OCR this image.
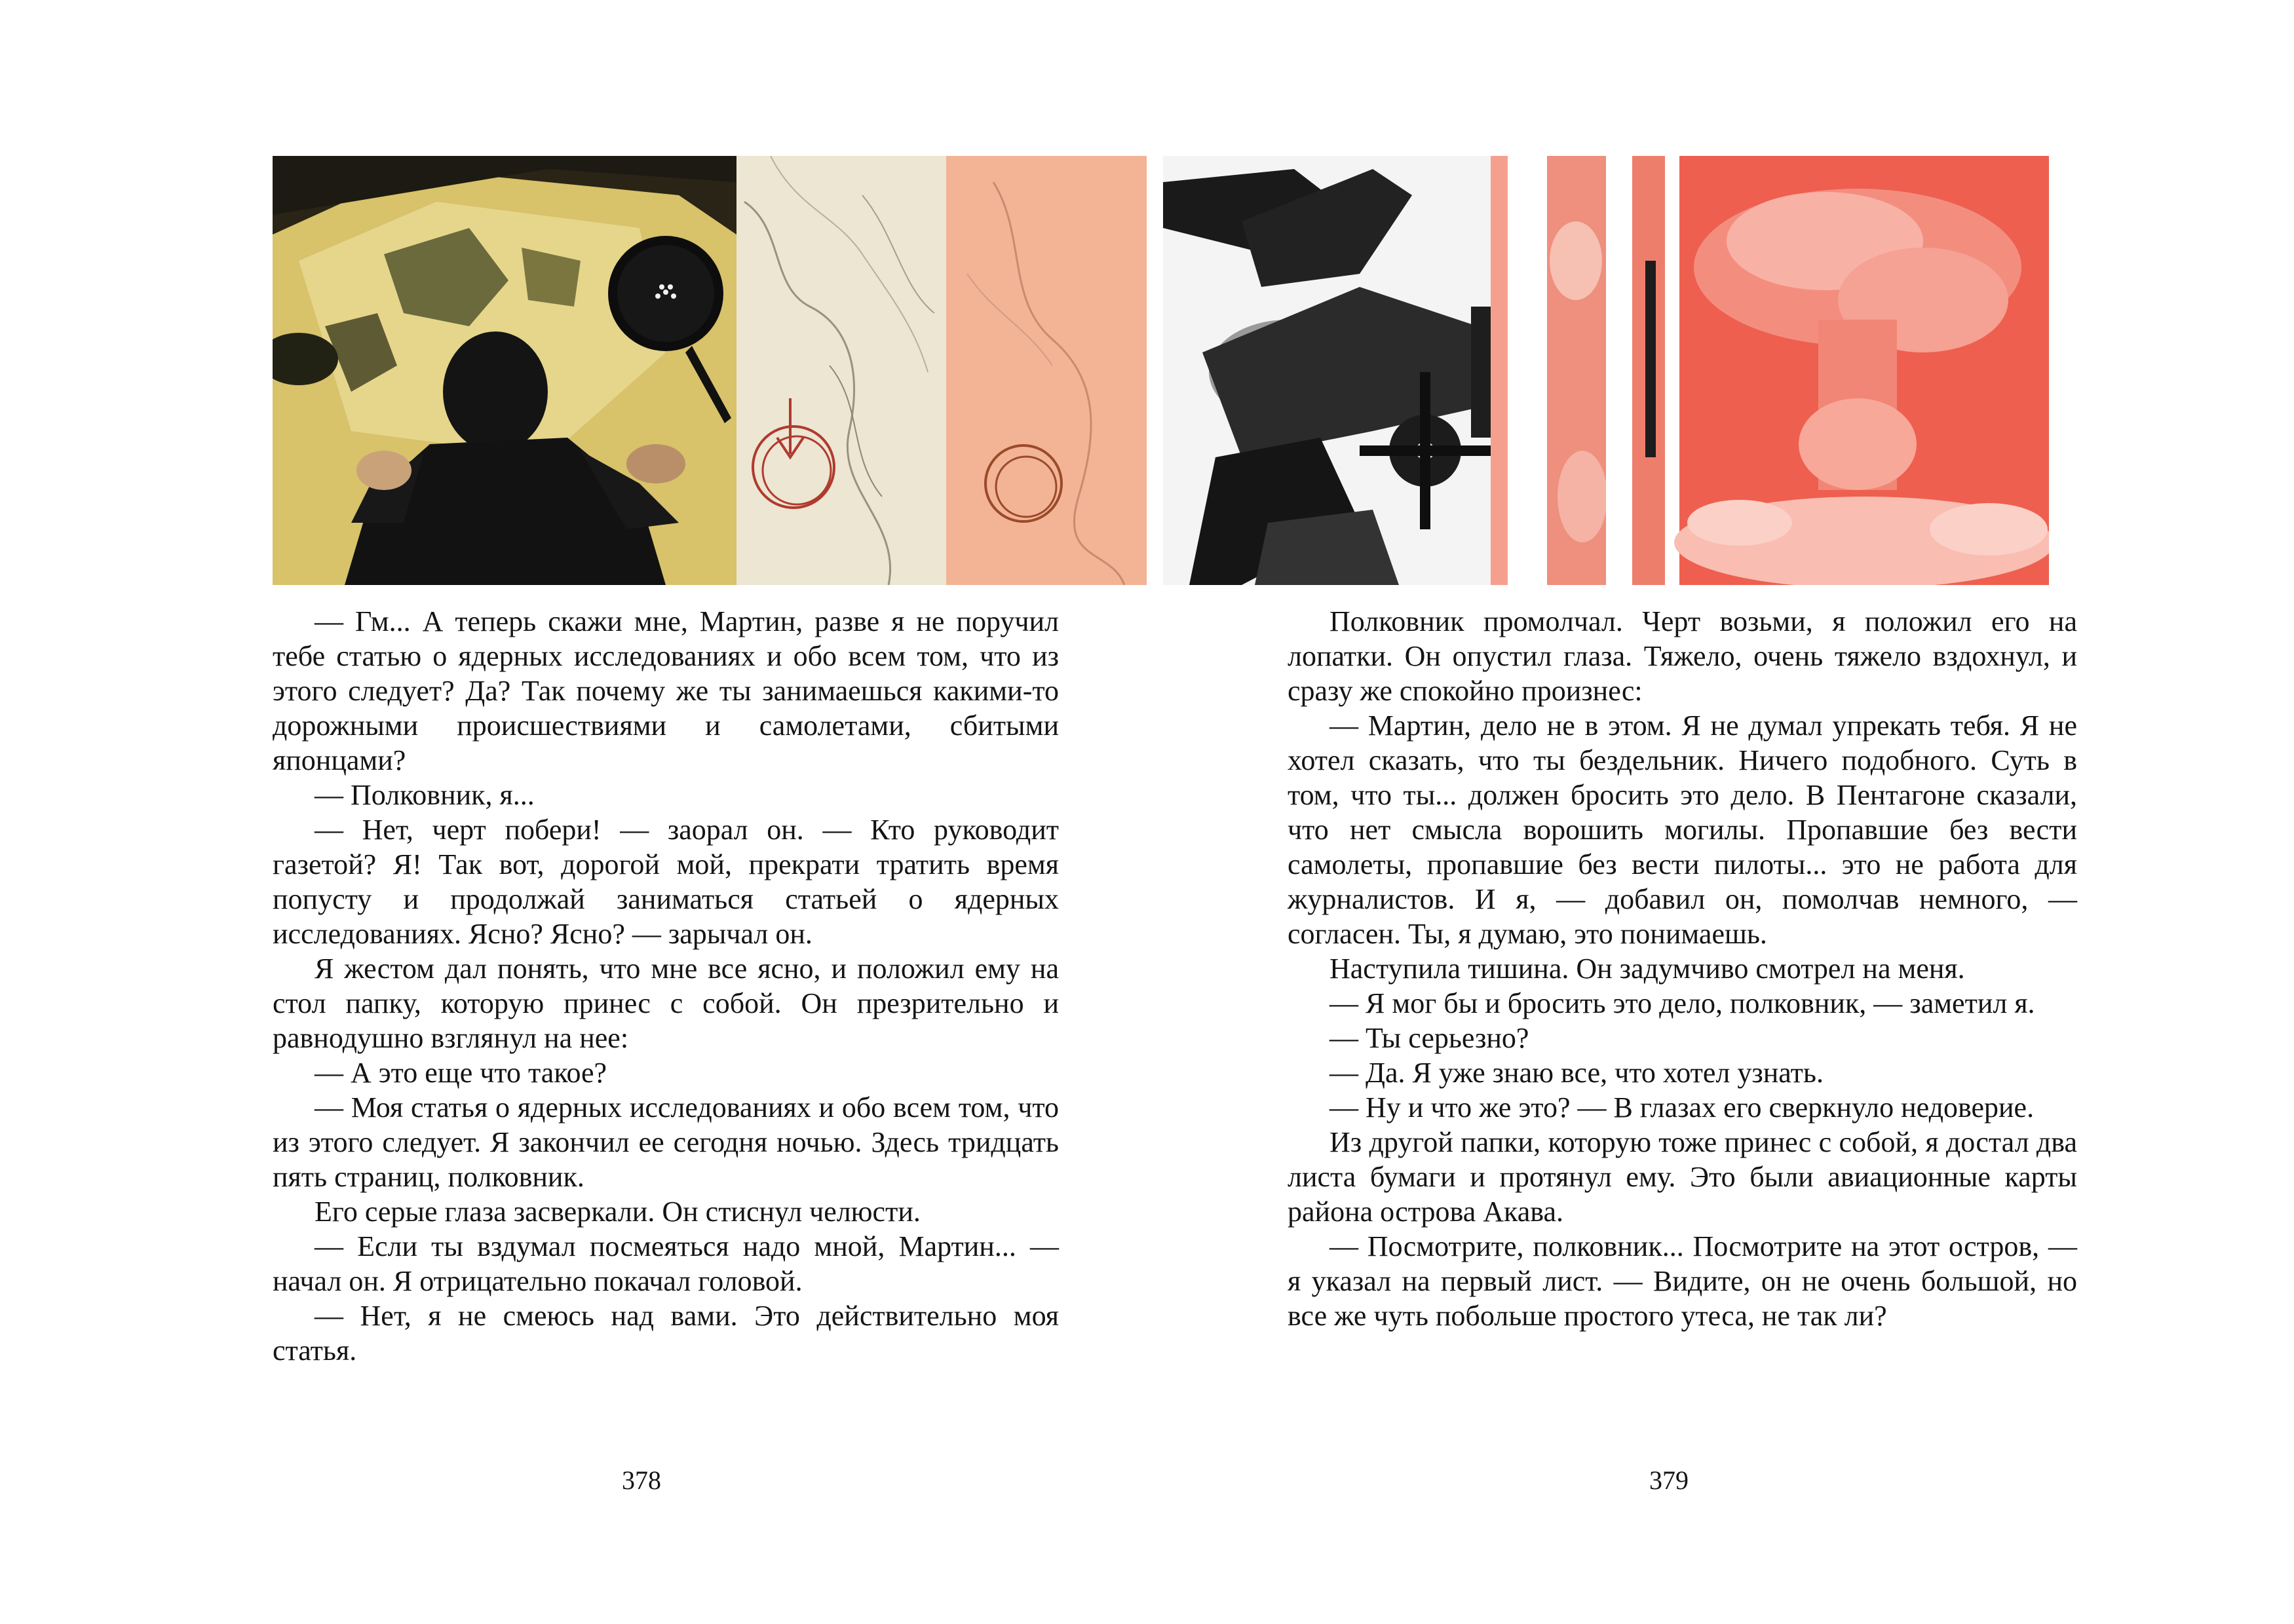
— Гм... А теперь скажи мне, Мартин, разве я не поручил тебе статью о ядерных исследованиях и обо всем том, что из этого следует? Да? Так почему же ты занимаешься какими-то дорожными происшествиями и самолетами, сбитыми японцами?

— Полковник, я...

— Нет, черт побери! — заорал он. — Кто руководит газетой? Я! Так вот, дорогой мой, прекрати тратить время попусту и продолжай заниматься статьей о ядерных исследованиях. Ясно? Ясно? — зарычал он.

Я жестом дал понять, что мне все ясно, и положил ему на стол папку, которую принес с собой. Он презрительно и равнодушно взглянул на нее:

— А это еще что такое?

— Моя статья о ядерных исследованиях и обо всем том, что из этого следует. Я закончил ее сегодня ночью. Здесь тридцать пять страниц, полковник.

Его серые глаза засверкали. Он стиснул челюсти.

— Если ты вздумал посмеяться надо мной, Мартин... — начал он. Я отрицательно покачал головой.

— Нет, я не смеюсь над вами. Это действительно моя статья.

378

Полковник промолчал. Черт возьми, я положил его на лопатки. Он опустил глаза. Тяжело, очень тяжело вздохнул, и сразу же спокойно произнес:

— Мартин, дело не в этом. Я не думал упрекать тебя. Я не хотел сказать, что ты бездельник. Ничего подобного. Суть в том, что ты... должен бросить это дело. В Пентагоне сказали, что нет смысла ворошить могилы. Пропавшие без вести самолеты, пропавшие без вести пилоты... это не работа для журналистов. И я, — добавил он, помолчав немного, — согласен. Ты, я думаю, это понимаешь.

Наступила тишина. Он задумчиво смотрел на меня.

— Я мог бы и бросить это дело, полковник, — заметил я.

— Ты серьезно?

— Да. Я уже знаю все, что хотел узнать.

— Ну и что же это? — В глазах его сверкнуло недоверие.

Из другой папки, которую тоже принес с собой, я достал два листа бумаги и протянул ему. Это были авиационные карты района острова Акава.

— Посмотрите, полковник... Посмотрите на этот остров, — я указал на первый лист. — Видите, он не очень большой, но все же чуть побольше простого утеса, не так ли?

379
